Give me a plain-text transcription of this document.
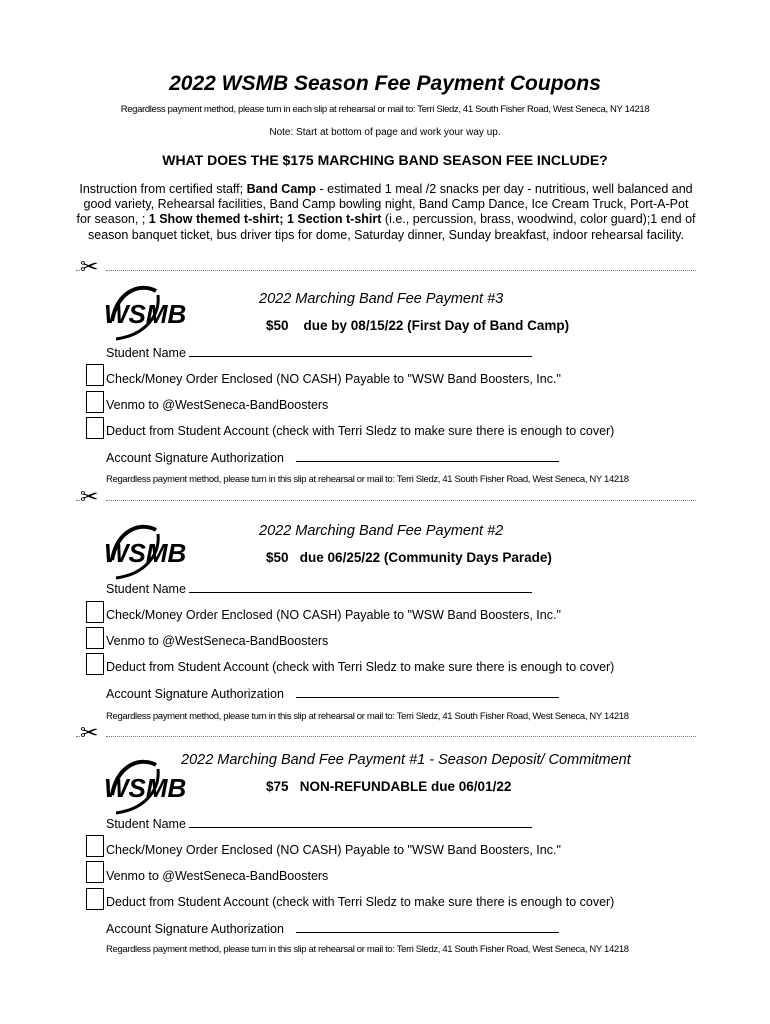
2022 WSMB Season Fee Payment Coupons
Regardless payment method, please turn in each slip at rehearsal or mail to: Terri Sledz, 41 South Fisher Road, West Seneca, NY 14218
Note: Start at bottom of page and work your way up.
WHAT DOES THE $175 MARCHING BAND SEASON FEE INCLUDE?
Instruction from certified staff; Band Camp - estimated 1 meal /2 snacks per day - nutritious, well balanced and good variety, Rehearsal facilities, Band Camp bowling night, Band Camp Dance, Ice Cream Truck, Port-A-Pot for season, ; 1 Show themed t-shirt; 1 Section t-shirt (i.e., percussion, brass, woodwind, color guard);1 end of season banquet ticket, bus driver tips for dome, Saturday dinner, Sunday breakfast, indoor rehearsal facility.
✂
WSMB	2022 Marching Band Fee Payment #3
$50 due by 08/15/22 (First Day of Band Camp)
Student Name
Check/Money Order Enclosed (NO CASH) Payable to "WSW Band Boosters, Inc."
Venmo to @WestSeneca-BandBoosters
Deduct from Student Account (check with Terri Sledz to make sure there is enough to cover)
Account Signature Authorization
Regardless payment method, please turn in this slip at rehearsal or mail to: Terri Sledz, 41 South Fisher Road, West Seneca, NY 14218
✂
WSMB
2022 Marching Band Fee Payment #2
$50 due 06/25/22 (Community Days Parade)
Student Name
Check/Money Order Enclosed (NO CASH) Payable to "WSW Band Boosters, Inc."
Venmo to @WestSeneca-BandBoosters
Deduct from Student Account (check with Terri Sledz to make sure there is enough to cover)
Account Signature Authorization
Regardless payment method, please turn in this slip at rehearsal or mail to: Terri Sledz, 41 South Fisher Road, West Seneca, NY 14218
✂
WSMB
2022 Marching Band Fee Payment #1 - Season Deposit/ Commitment
$75 NON-REFUNDABLE due 06/01/22
Student Name
Check/Money Order Enclosed (NO CASH) Payable to "WSW Band Boosters, Inc."
Venmo to @WestSeneca-BandBoosters
Deduct from Student Account (check with Terri Sledz to make sure there is enough to cover)
Account Signature Authorization
Regardless payment method, please turn in this slip at rehearsal or mail to: Terri Sledz, 41 South Fisher Road, West Seneca, NY 14218
